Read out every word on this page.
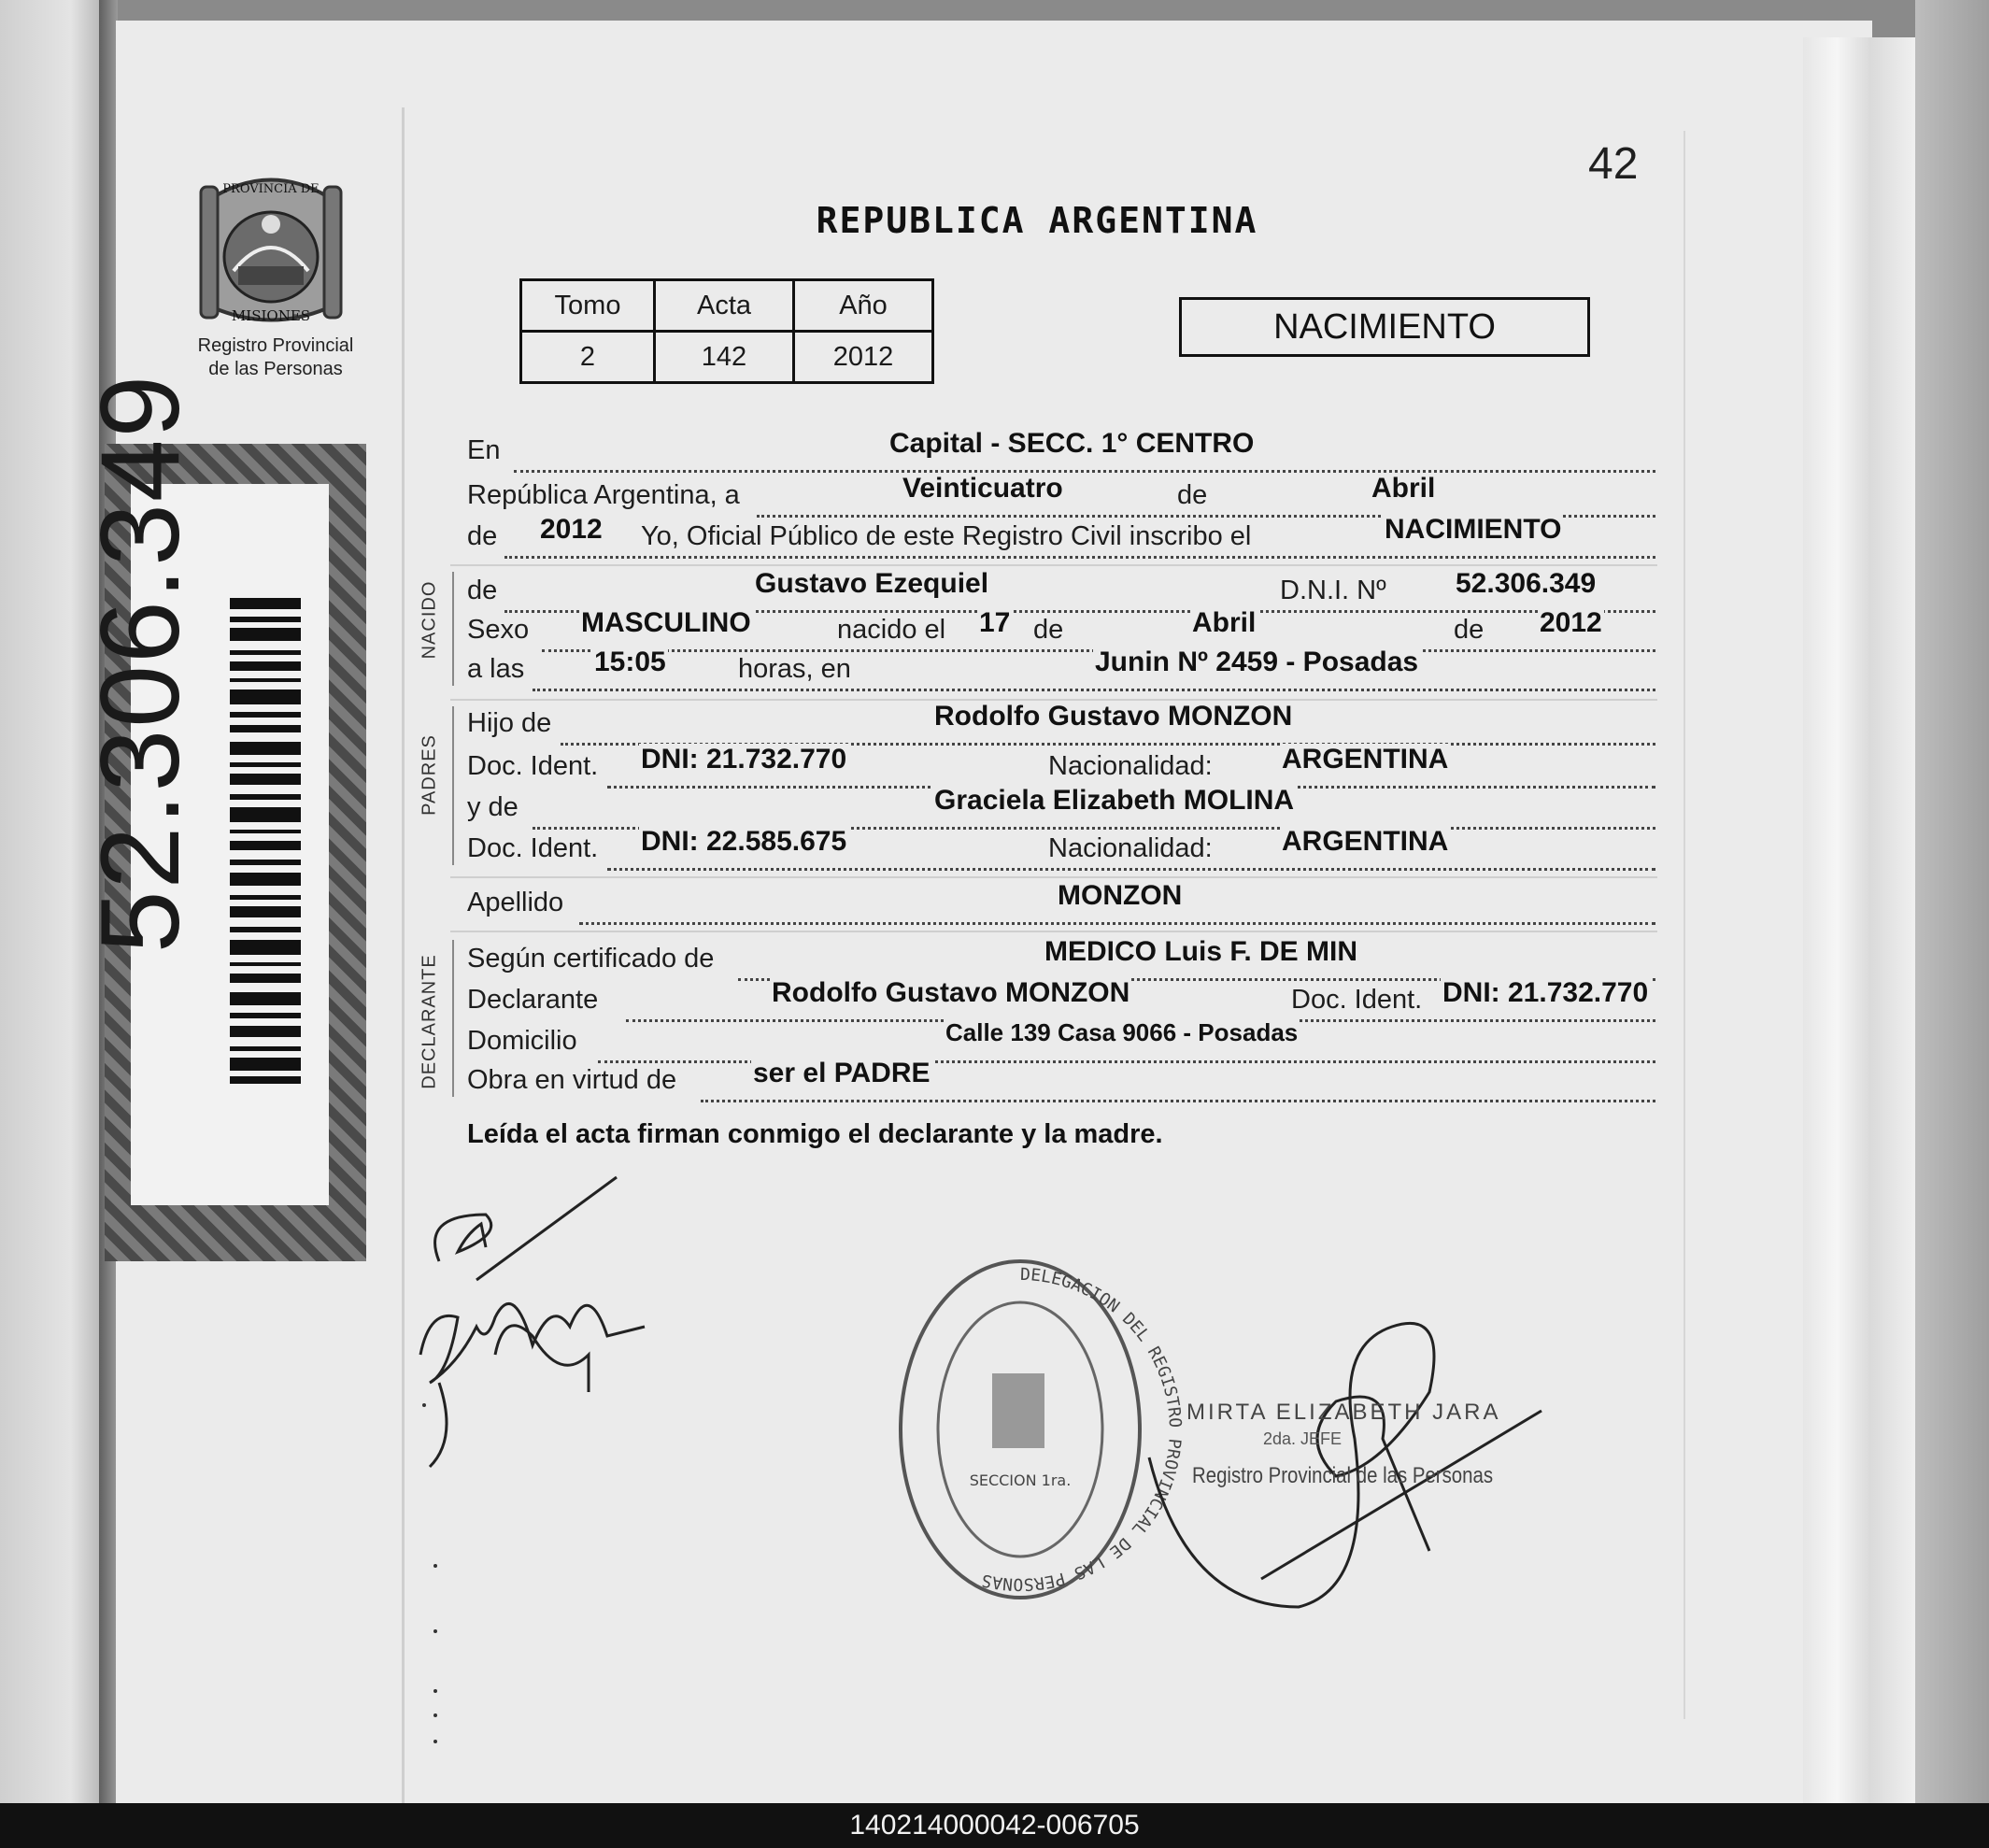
PROVINCIA DE
MISIONES
Registro Provincial
de las Personas
52.306.349
42
REPUBLICA ARGENTINA
Tomo	Acta	Año
2	142	2012
NACIMIENTO
En	Capital - SECC. 1° CENTRO
República Argentina, a	Veinticuatro	de	Abril
de 2012 Yo, Oficial Público de este Registro Civil inscribo el	NACIMIENTO
NACIDO de	Gustavo Ezequiel	D.N.I. Nº 52.306.349
Sexo MASCULINO	nacido el 17 de	Abril	de 2012
a las 15:05	horas, en	Junin Nº 2459 - Posadas
PADRES
Hijo de	Rodolfo Gustavo MONZON
Doc. Ident. DNI: 21.732.770	Nacionalidad: ARGENTINA
y de	Graciela Elizabeth MOLINA
Doc. Ident. DNI: 22.585.675	Nacionalidad: ARGENTINA
Apellido	MONZON
DECLARANTE Según certificado de	MEDICO Luis F. DE MIN
Declarante	Rodolfo Gustavo MONZON	Doc. Ident. DNI: 21.732.770
Domicilio	Calle 139 Casa 9066 - Posadas
Obra en virtud de	ser el PADRE
Leída el acta firman conmigo el declarante y la madre.
SECCION 1ra.
DELEGACION DEL REGISTRO PROVINCIAL DE LAS PERSONAS
MIRTA ELIZABETH JARA
2da. JEFE
Registro Provincial de las Personas
140214000042-006705
